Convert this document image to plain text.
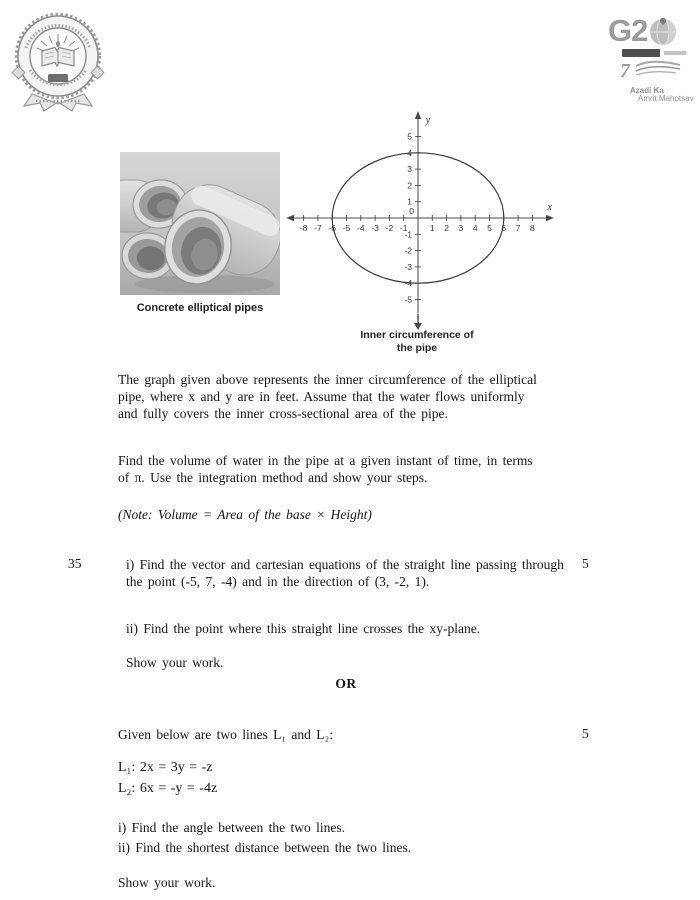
G2
7
Azadi Ka
Amrit Mahotsav
Concrete elliptical pipes
-8 -7 -6 -5 -4 -3 -2 -1	1 2 3 4 5 6 7 8
-5
-4
-3
-2
-1
1
2
3
4
5
0	x
y
Inner circumference of the pipe

The graph given above represents the inner circumference of the elliptical pipe, where x and y are in feet. Assume that the water flows uniformly and fully covers the inner cross-sectional area of the pipe.

Find the volume of water in the pipe at a given instant of time, in terms of π. Use the integration method and show your steps.

(Note: Volume = Area of the base × Height)

35	i) Find the vector and cartesian equations of the straight line passing through the point (-5, 7, -4) and in the direction of (3, -2, 1).

5

ii) Find the point where this straight line crosses the xy-plane.

Show your work.

OR

Given below are two lines L₁ and L₂:	5

L₁: 2x = 3y = -z

L₂: 6x = -y = -4z

i) Find the angle between the two lines.

ii) Find the shortest distance between the two lines.

Show your work.
